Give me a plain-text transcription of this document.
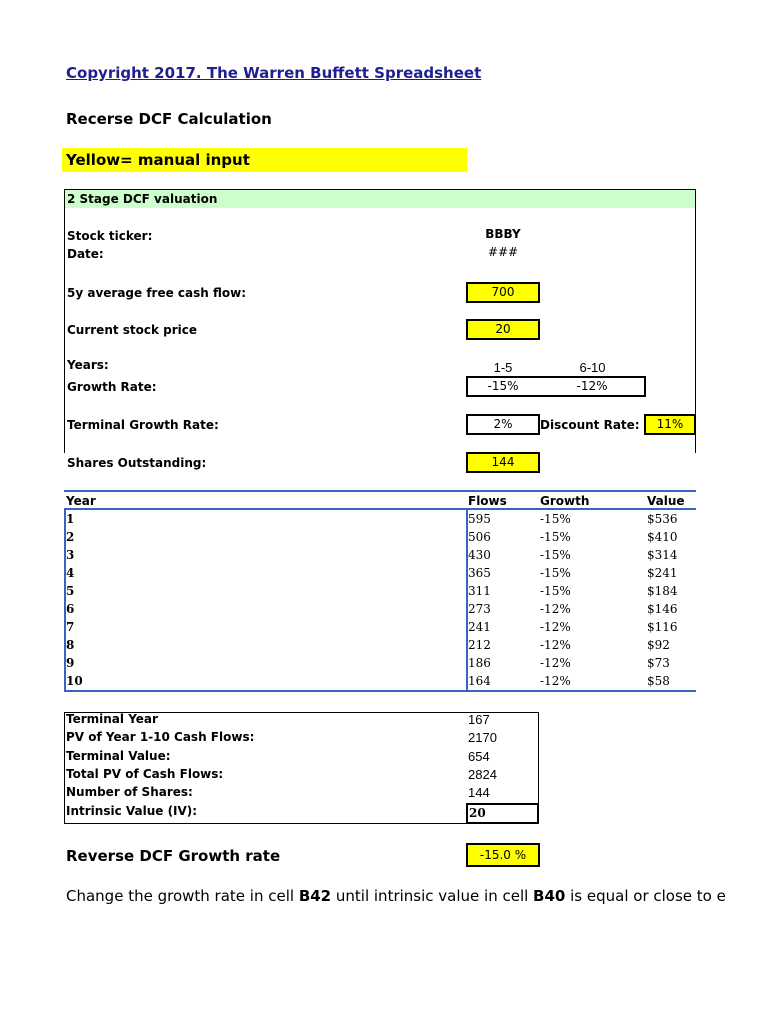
Copyright 2017. The Warren Buffett Spreadsheet
Recerse DCF Calculation
Yellow= manual input
2 Stage DCF valuation
Stock ticker:	BBBY
Date:	###
5y average free cash flow:	700
Current stock price	20
Years:	1-5	6-10
Growth Rate:	-15%	-12%
Terminal Growth Rate:	2%	Discount Rate:	11%
Shares Outstanding:	144
Year	Flows	Growth	Value
1	595	-15%	$536
2	506	-15%	$410
3	430	-15%	$314
4	365	-15%	$241
5	311	-15%	$184
6	273	-12%	$146
7	241	-12%	$116
8	212	-12%	$92
9	186	-12%	$73
10	164	-12%	$58
Terminal Year	167
PV of Year 1-10 Cash Flows:	2170
Terminal Value:	654
Total PV of Cash Flows:	2824
Number of Shares:	144
Intrinsic Value (IV):	20
Reverse DCF Growth rate	-15.0 %
Change the growth rate in cell B42 until intrinsic value in cell B40 is equal or close to e
